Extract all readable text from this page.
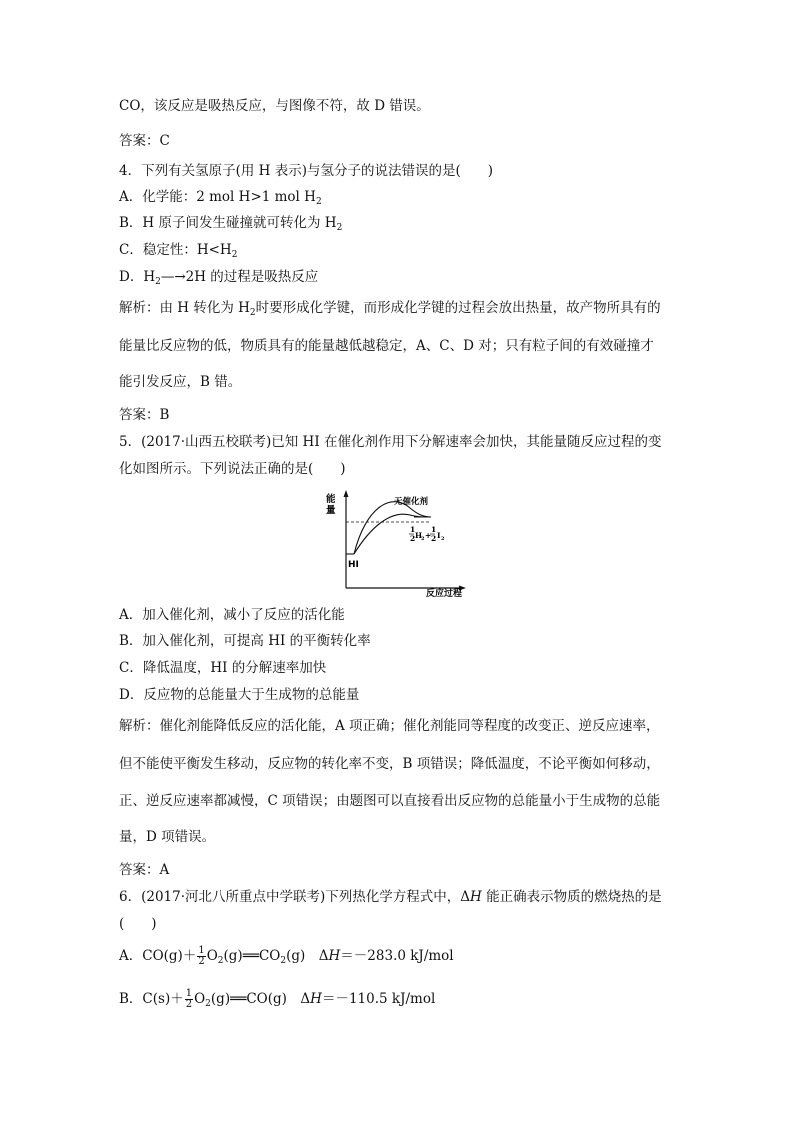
CO，该反应是吸热反应，与图像不符，故 D 错误。
答案：C
4．下列有关氢原子(用 H 表示)与氢分子的说法错误的是(　　)
A．化学能：2 mol H>1 mol $H_2$
B．H 原子间发生碰撞就可转化为 $H_2$
C．稳定性：$H<H_2$
D．$H_2—\to 2H$ 的过程是吸热反应
解析：由 H 转化为 $H_2$时要形成化学键，而形成化学键的过程会放出热量，故产物所具有的
能量比反应物的低，物质具有的能量越低越稳定，A、C、D 对；只有粒子间的有效碰撞才
能引发反应，B 错。
答案：B
5．(2017·山西五校联考)已知 HI 在催化剂作用下分解速率会加快，其能量随反应过程的变
化如图所示。下列说法正确的是(　　)
能
量
HI
反应过程
无催化剂
1
2 H
2 +
1
2 I 2
A．加入催化剂，减小了反应的活化能
B．加入催化剂，可提高 HI 的平衡转化率
C．降低温度，HI 的分解速率加快
D．反应物的总能量大于生成物的总能量
解析：催化剂能降低反应的活化能，A 项正确；催化剂能同等程度的改变正、逆反应速率，
但不能使平衡发生移动，反应物的转化率不变，B 项错误；降低温度，不论平衡如何移动，
正、逆反应速率都减慢，C 项错误；由题图可以直接看出反应物的总能量小于生成物的总能
量，D 项错误。
答案：A
6．(2017·河北八所重点中学联考)下列热化学方程式中，ΔH 能正确表示物质的燃烧热的是
(　　)
A．$CO(g)+ \frac{1}{2}$ $O_2(g)══CO_2(g)$　ΔH＝－283.0 kJ/mol
B．$C(s)+ \frac{1}{2}$ $O_2(g)══CO(g)$　ΔH＝－110.5 kJ/mol
